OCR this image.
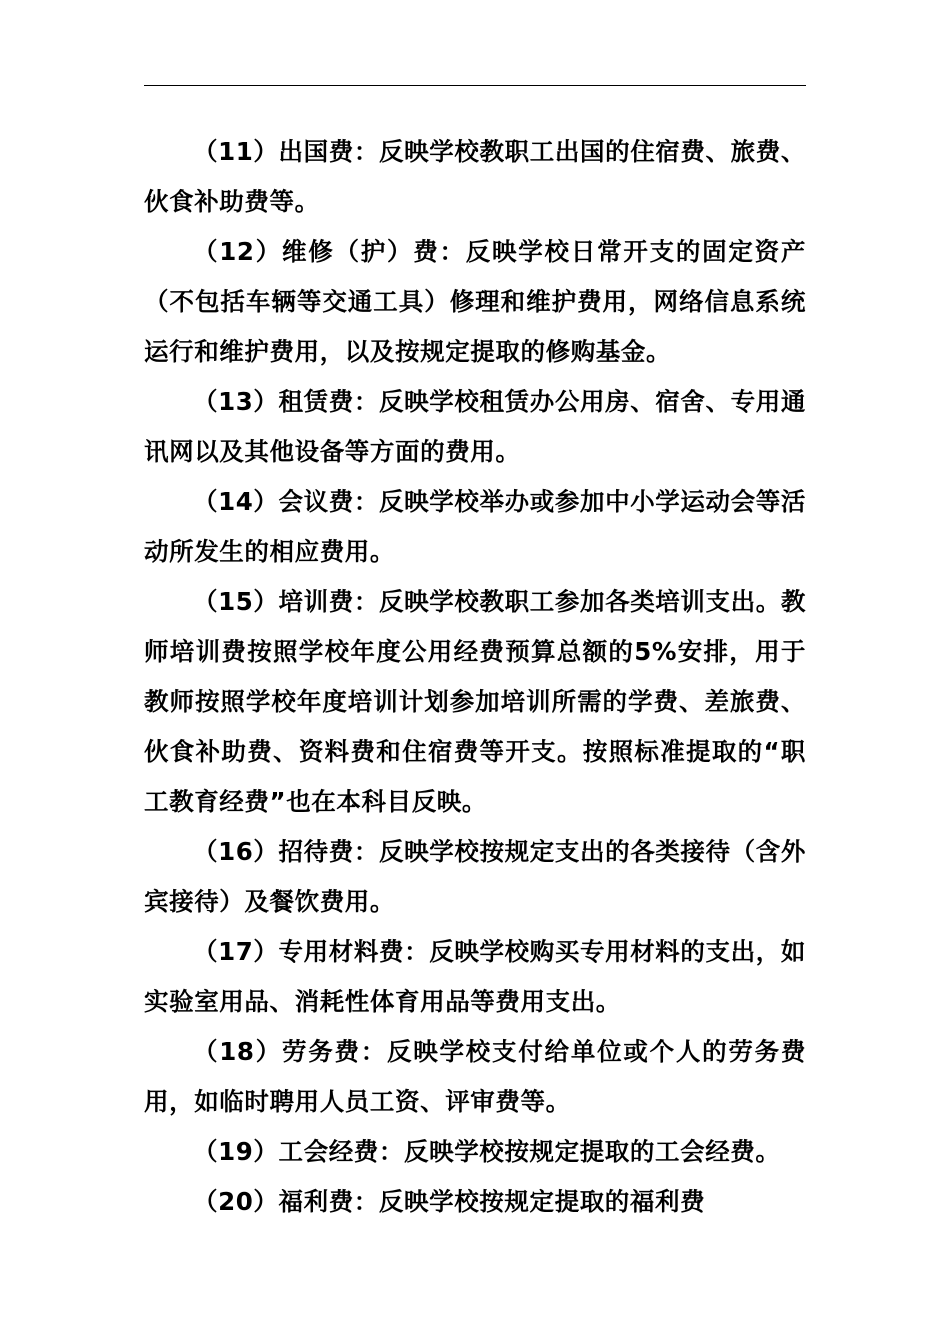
（11）出国费：反映学校教职工出国的住宿费、旅费、伙食补助费等。

（12）维修（护）费：反映学校日常开支的固定资产（不包括车辆等交通工具）修理和维护费用，网络信息系统运行和维护费用，以及按规定提取的修购基金。

（13）租赁费：反映学校租赁办公用房、宿舍、专用通讯网以及其他设备等方面的费用。

（14）会议费：反映学校举办或参加中小学运动会等活动所发生的相应费用。

（15）培训费：反映学校教职工参加各类培训支出。教师培训费按照学校年度公用经费预算总额的5%安排，用于教师按照学校年度培训计划参加培训所需的学费、差旅费、伙食补助费、资料费和住宿费等开支。按照标准提取的“职工教育经费”也在本科目反映。

（16）招待费：反映学校按规定支出的各类接待（含外宾接待）及餐饮费用。

（17）专用材料费：反映学校购买专用材料的支出，如实验室用品、消耗性体育用品等费用支出。

（18）劳务费：反映学校支付给单位或个人的劳务费用，如临时聘用人员工资、评审费等。

（19）工会经费：反映学校按规定提取的工会经费。

（20）福利费：反映学校按规定提取的福利费
